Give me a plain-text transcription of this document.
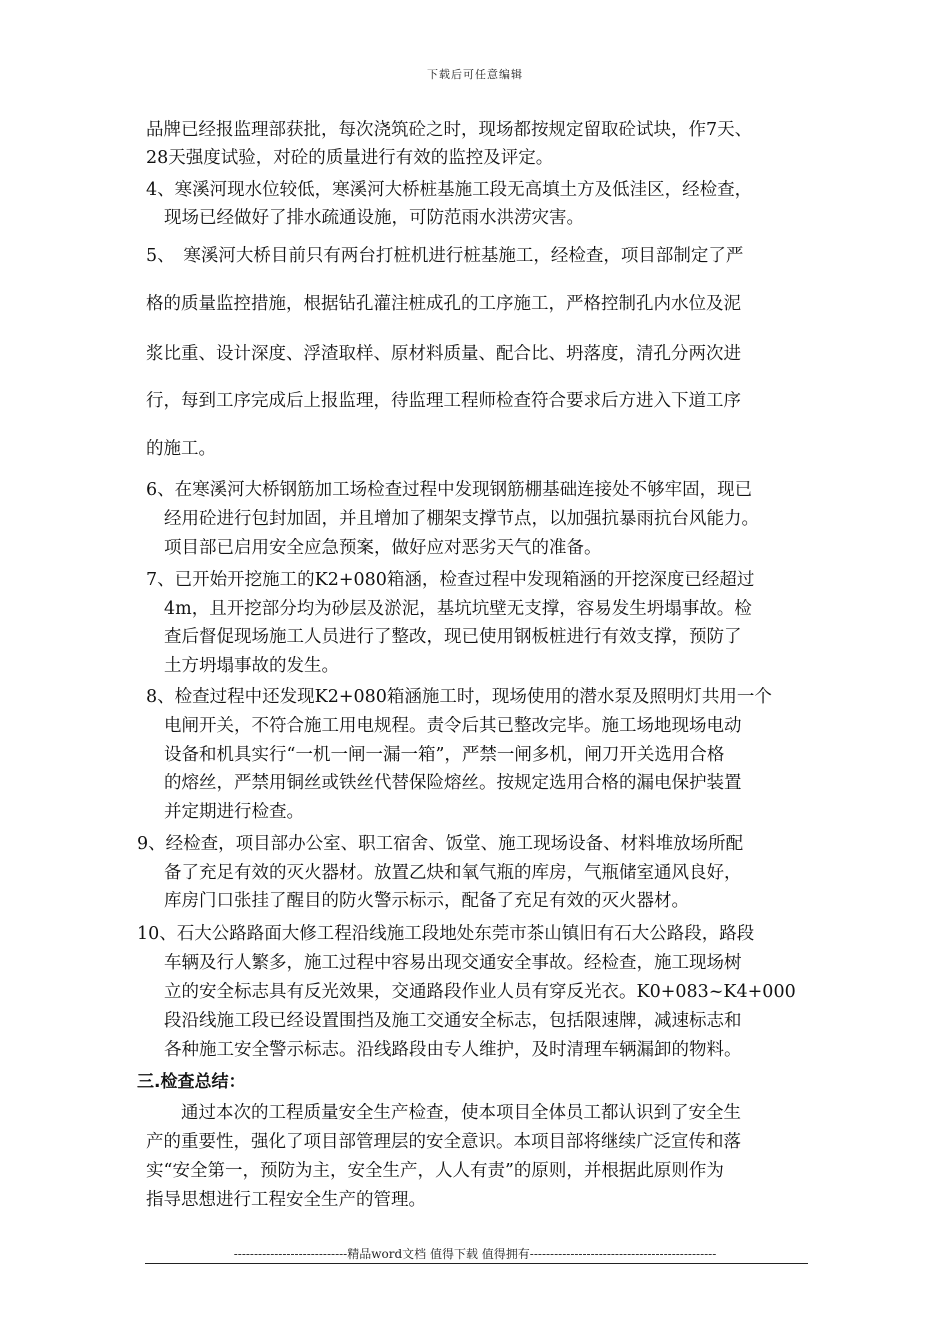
下载后可任意编辑
品牌已经报监理部获批，每次浇筑砼之时，现场都按规定留取砼试块，作7天、
28天强度试验，对砼的质量进行有效的监控及评定。
4、寒溪河现水位较低，寒溪河大桥桩基施工段无高填土方及低洼区，经检查，
现场已经做好了排水疏通设施，可防范雨水洪涝灾害。
5、　寒溪河大桥目前只有两台打桩机进行桩基施工，经检查，项目部制定了严
格的质量监控措施，根据钻孔灌注桩成孔的工序施工，严格控制孔内水位及泥
浆比重、设计深度、浮渣取样、原材料质量、配合比、坍落度，清孔分两次进
行，每到工序完成后上报监理，待监理工程师检查符合要求后方进入下道工序
的施工。
6、在寒溪河大桥钢筋加工场检查过程中发现钢筋棚基础连接处不够牢固，现已
经用砼进行包封加固，并且增加了棚架支撑节点，以加强抗暴雨抗台风能力。
项目部已启用安全应急预案，做好应对恶劣天气的准备。
7、已开始开挖施工的K2+080箱涵，检查过程中发现箱涵的开挖深度已经超过
4m，且开挖部分均为砂层及淤泥，基坑坑壁无支撑，容易发生坍塌事故。检
查后督促现场施工人员进行了整改，现已使用钢板桩进行有效支撑，预防了
土方坍塌事故的发生。
8、检查过程中还发现K2+080箱涵施工时，现场使用的潜水泵及照明灯共用一个
电闸开关，不符合施工用电规程。责令后其已整改完毕。施工场地现场电动
设备和机具实行“一机一闸一漏一箱”，严禁一闸多机，闸刀开关选用合格
的熔丝，严禁用铜丝或铁丝代替保险熔丝。按规定选用合格的漏电保护装置
并定期进行检查。
9、经检查，项目部办公室、职工宿舍、饭堂、施工现场设备、材料堆放场所配
备了充足有效的灭火器材。放置乙炔和氧气瓶的库房，气瓶储室通风良好，
库房门口张挂了醒目的防火警示标示，配备了充足有效的灭火器材。
10、石大公路路面大修工程沿线施工段地处东莞市茶山镇旧有石大公路段，路段
车辆及行人繁多，施工过程中容易出现交通安全事故。经检查，施工现场树
立的安全标志具有反光效果，交通路段作业人员有穿反光衣。K0+083~K4+000
段沿线施工段已经设置围挡及施工交通安全标志，包括限速牌，减速标志和
各种施工安全警示标志。沿线路段由专人维护，及时清理车辆漏卸的物料。
三.检查总结：
通过本次的工程质量安全生产检查，使本项目全体员工都认识到了安全生
产的重要性，强化了项目部管理层的安全意识。本项目部将继续广泛宣传和落
实“安全第一，预防为主，安全生产，人人有责”的原则，并根据此原则作为
指导思想进行工程安全生产的管理。
----------------------------精品word文档 值得下载 值得拥有----------------------------------------------
